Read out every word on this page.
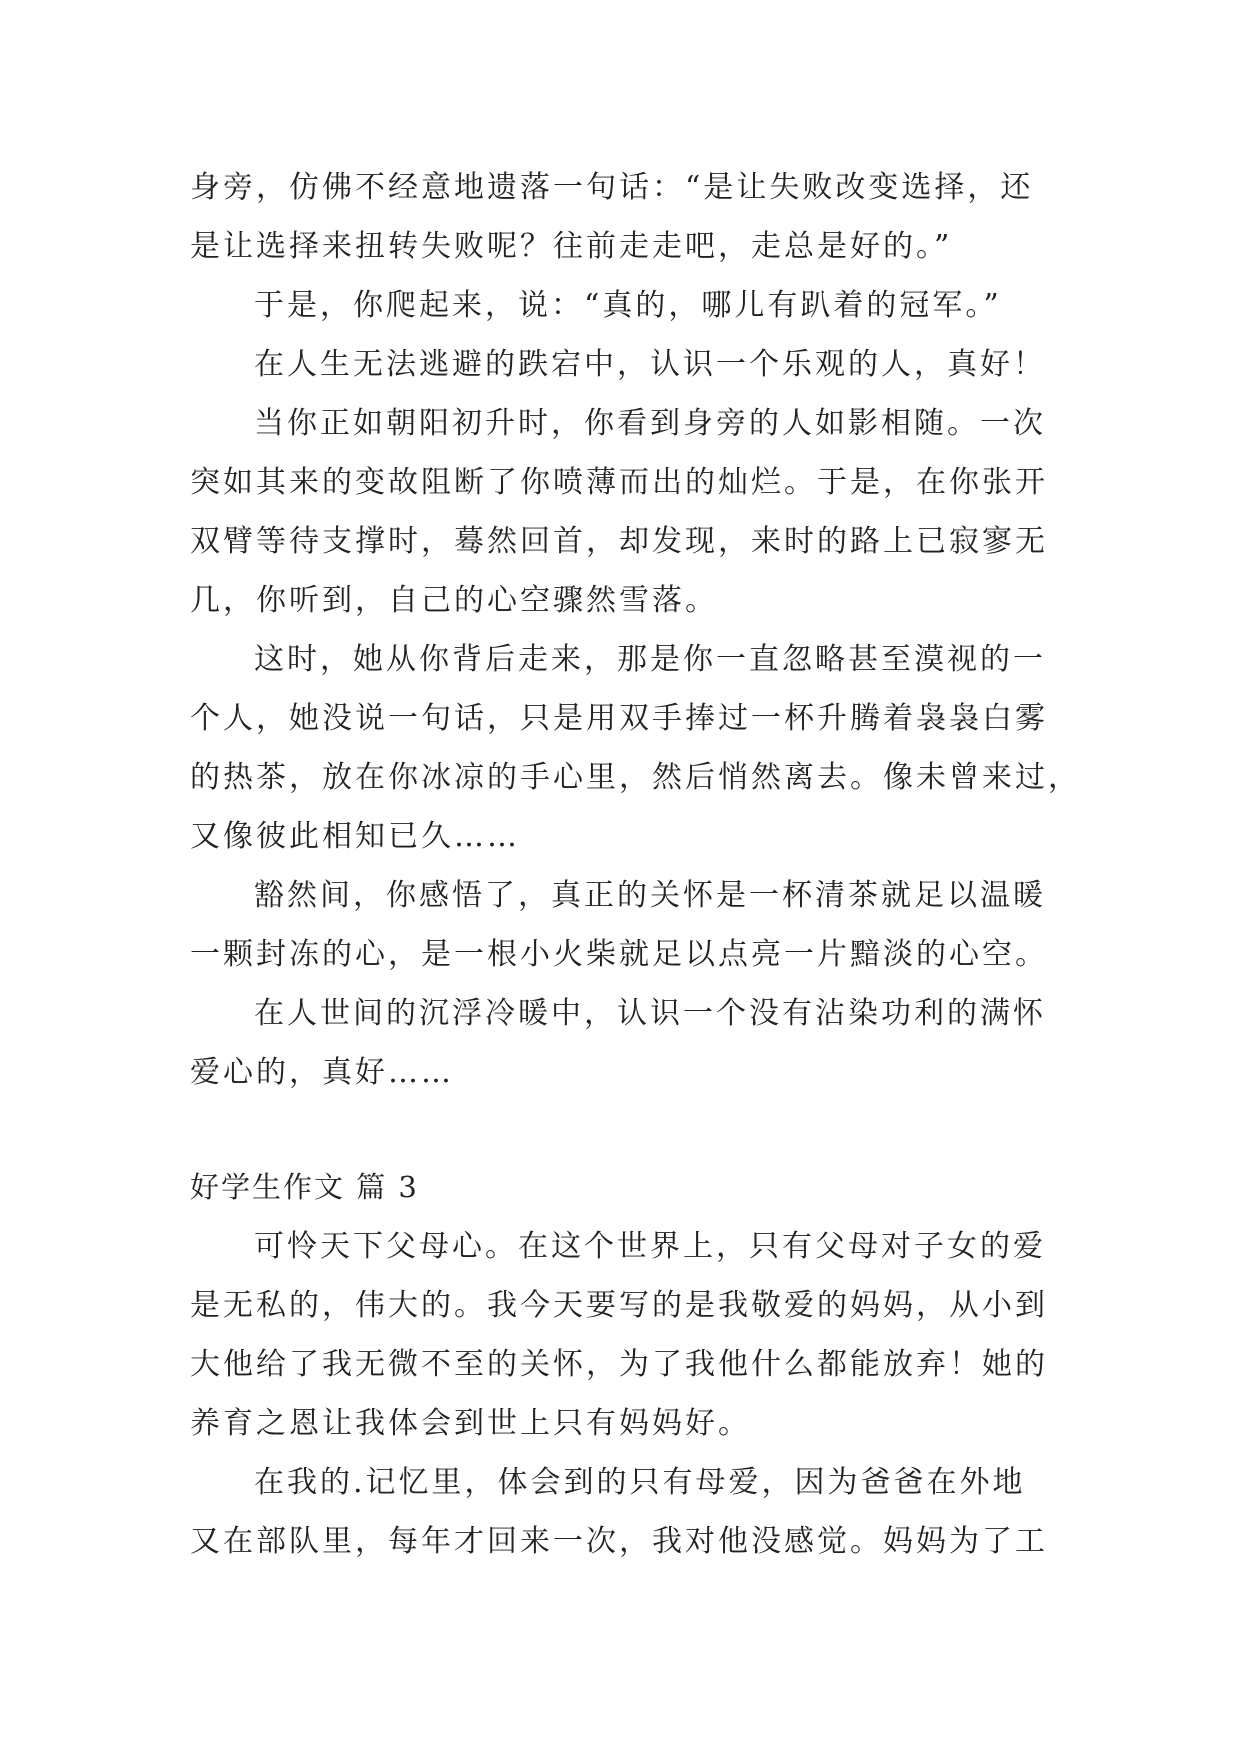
身旁，仿佛不经意地遗落一句话：“是让失败改变选择，还
是让选择来扭转失败呢？往前走走吧，走总是好的。”
于是，你爬起来，说：“真的，哪儿有趴着的冠军。”
在人生无法逃避的跌宕中，认识一个乐观的人，真好！
当你正如朝阳初升时，你看到身旁的人如影相随。一次
突如其来的变故阻断了你喷薄而出的灿烂。于是，在你张开
双臂等待支撑时，蓦然回首，却发现，来时的路上已寂寥无
几，你听到，自己的心空骤然雪落。
这时，她从你背后走来，那是你一直忽略甚至漠视的一
个人，她没说一句话，只是用双手捧过一杯升腾着袅袅白雾
的热茶，放在你冰凉的手心里，然后悄然离去。像未曾来过，
又像彼此相知已久……
豁然间，你感悟了，真正的关怀是一杯清茶就足以温暖
一颗封冻的心，是一根小火柴就足以点亮一片黯淡的心空。
在人世间的沉浮冷暖中，认识一个没有沾染功利的满怀
爱心的，真好……
好学生作文 篇 3
可怜天下父母心。在这个世界上，只有父母对子女的爱
是无私的，伟大的。我今天要写的是我敬爱的妈妈，从小到
大他给了我无微不至的关怀，为了我他什么都能放弃！她的
养育之恩让我体会到世上只有妈妈好。
在我的.记忆里，体会到的只有母爱，因为爸爸在外地
又在部队里，每年才回来一次，我对他没感觉。妈妈为了工
